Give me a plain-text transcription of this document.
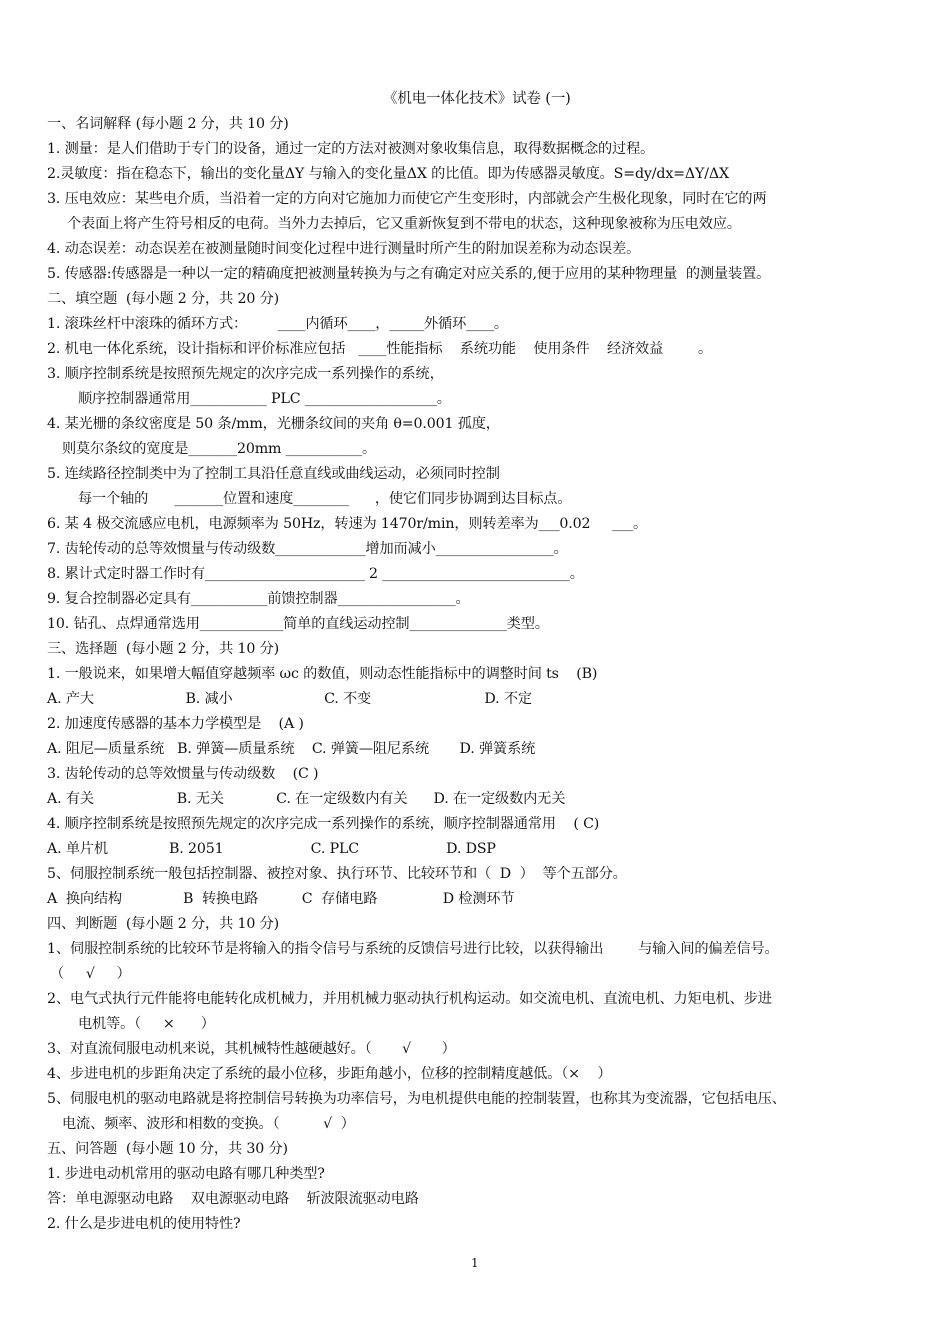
《机电一体化技术》试卷 (一)
一、名词解释 (每小题 2 分，共 10 分)
1. 测量：是人们借助于专门的设备，通过一定的方法对被测对象收集信息，取得数据概念的过程。
2.灵敏度：指在稳态下，输出的变化量ΔY 与输入的变化量ΔX 的比值。即为传感器灵敏度。S=dy/dx=ΔY/ΔX
3. 压电效应：某些电介质，当沿着一定的方向对它施加力而使它产生变形时，内部就会产生极化现象，同时在它的两
个表面上将产生符号相反的电荷。当外力去掉后，它又重新恢复到不带电的状态，这种现象被称为压电效应。
4. 动态误差：动态误差在被测量随时间变化过程中进行测量时所产生的附加误差称为动态误差。
5. 传感器:传感器是一种以一定的精确度把被测量转换为与之有确定对应关系的,便于应用的某种物理量  的测量装置。
二、填空题  (每小题 2 分，共 20 分)
1. 滚珠丝杆中滚珠的循环方式：       ____内循环____，_____外循环____。
2. 机电一体化系统，设计指标和评价标准应包括   ____性能指标    系统功能    使用条件    经济效益        。
3. 顺序控制系统是按照预先规定的次序完成一系列操作的系统，
顺序控制器通常用___________ PLC ___________________。
4. 某光栅的条纹密度是 50 条/mm，光栅条纹间的夹角 θ=0.001 孤度，
则莫尔条纹的宽度是_______20mm ___________。
5. 连续路径控制类中为了控制工具沿任意直线或曲线运动，必须同时控制
每一个轴的      _______位置和速度________      ，使它们同步协调到达目标点。
6. 某 4 极交流感应电机，电源频率为 50Hz，转速为 1470r/min，则转差率为___0.02     ___。
7. 齿轮传动的总等效惯量与传动级数_____________增加而减小_________________。
8. 累计式定时器工作时有_______________________ 2 ___________________________。
9. 复合控制器必定具有___________前馈控制器_________________。
10. 钻孔、点焊通常选用____________简单的直线运动控制______________类型。
三、选择题  (每小题 2 分，共 10 分)
1. 一般说来，如果增大幅值穿越频率 ωc 的数值，则动态性能指标中的调整时间 ts    (B)
A. 产大                     B. 减小                     C. 不变                          D. 不定
2. 加速度传感器的基本力学模型是    (A )
A. 阻尼—质量系统   B. 弹簧—质量系统    C. 弹簧—阻尼系统       D. 弹簧系统
3. 齿轮传动的总等效惯量与传动级数    (C )
A. 有关                   B. 无关            C. 在一定级数内有关      D. 在一定级数内无关
4. 顺序控制系统是按照预先规定的次序完成一系列操作的系统，顺序控制器通常用    ( C)
A. 单片机              B. 2051                    C. PLC                    D. DSP
5、伺服控制系统一般包括控制器、被控对象、执行环节、比较环节和（  D  ）  等个五部分。
A  换向结构              B  转换电路          C  存储电路               D 检测环节
四、判断题  (每小题 2 分，共 10 分)
1、伺服控制系统的比较环节是将输入的指令信号与系统的反馈信号进行比较，以获得输出        与输入间的偏差信号。
（     √     ）
2、电气式执行元件能将电能转化成机械力，并用机械力驱动执行机构运动。如交流电机、直流电机、力矩电机、步进
电机等。（     ×      ）
3、对直流伺服电动机来说，其机械特性越硬越好。（       √       ）
4、步进电机的步距角决定了系统的最小位移，步距角越小，位移的控制精度越低。（×    ）
5、伺服电机的驱动电路就是将控制信号转换为功率信号，为电机提供电能的控制装置，也称其为变流器，它包括电压、
电流、频率、波形和相数的变换。（          √  ）
五、问答题  (每小题 10 分，共 30 分)
1. 步进电动机常用的驱动电路有哪几种类型?
答：单电源驱动电路    双电源驱动电路    斩波限流驱动电路
2. 什么是步进电机的使用特性?
1
